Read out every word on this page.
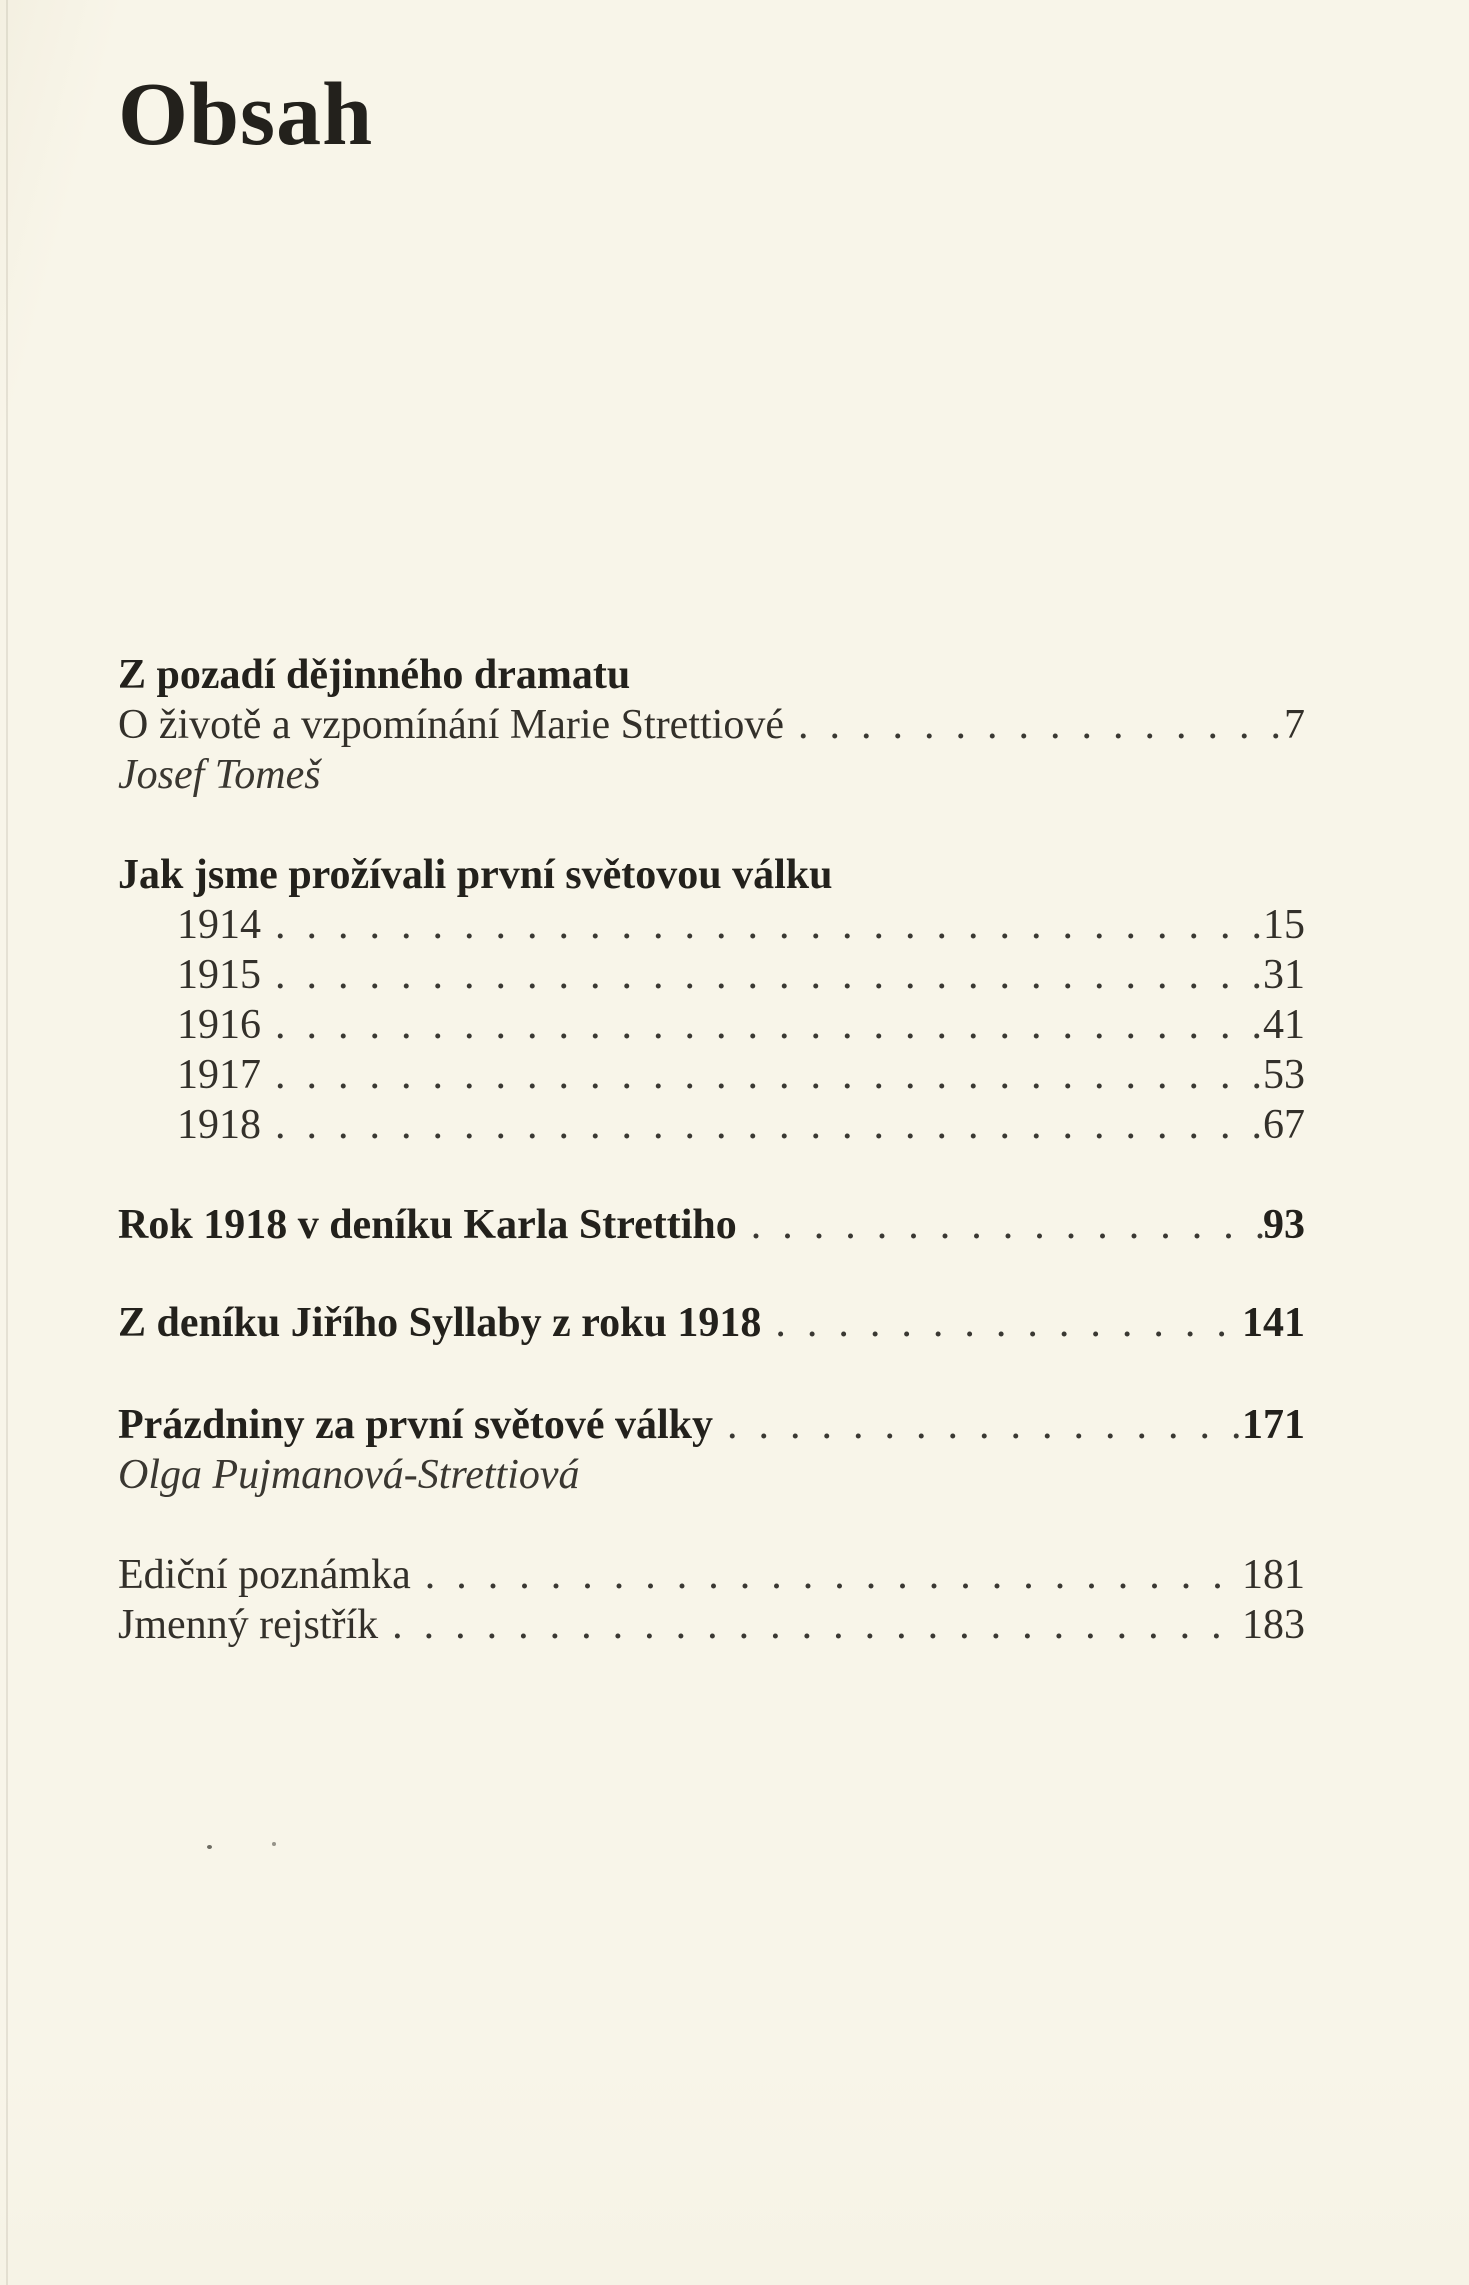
Obsah
Z pozadí dějinného dramatu
O životě a vzpomínání Marie Strettiové .....	7
Josef Tomeš
Jak jsme prožívali první světovou válku
1914 .....	15
1915 .....	31
1916 .....	41
1917 .....	53
1918 .....	67
Rok 1918 v deníku Karla Strettiho .....	93
Z deníku Jiřího Syllaby z roku 1918 .....	141
Prázdniny za první světové války .....	171
Olga Pujmanová-Strettiová
Ediční poznámka .....	181
Jmenný rejstřík .....	183
